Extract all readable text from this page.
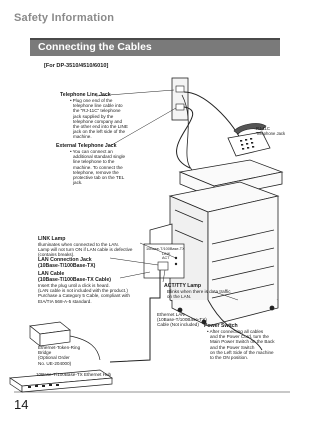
Safety Information
Connecting the Cables
[For DP-3510/4510/6010]
Telephone Line Jack
• Plug one end of the
telephone line cable into
the "RJ-11C" telephone
jack supplied by the
telephone company and
the other end into the LINE
jack on the left side of the
machine.
External Telephone Jack
• You can connect an
additional standard single
line telephone to the
machine. To connect the
telephone, remove the
protective tab on the TEL
jack.
RJ-11C
Telephone Jack
10Base-T/100Base-TX
LINK
ACT
LINK Lamp
Illuminates when connected to the LAN.
Lamp will not turn ON if LAN cable is defective
(contains breaks).
LAN Connection Jack
(10Base-T/100Base-TX)
LAN Cable
(10Base-T/100Base-TX Cable)
Insert the plug until a click is heard.
(LAN cable is not included with the product.)
Purchase a Category 5 Cable, compliant with
EIA/TIA 568-A-5 standard.
ACT/TTY Lamp
Blinks when there is data traffic
on the LAN.
Ethernet LAN
(10Base-T/100Base-TX)
Cable (Not included)
Ethernet-Token-Ring
Bridge
(Optional Order
No. UE-204000)
10Base-T/100Base-TX Ethernet Hub
Power Switch
• After connecting all cables
and the Power Cord, turn the
Main Power Switch on the Back
and the Power Switch
on the Left Side of the machine
to the ON position.
14
